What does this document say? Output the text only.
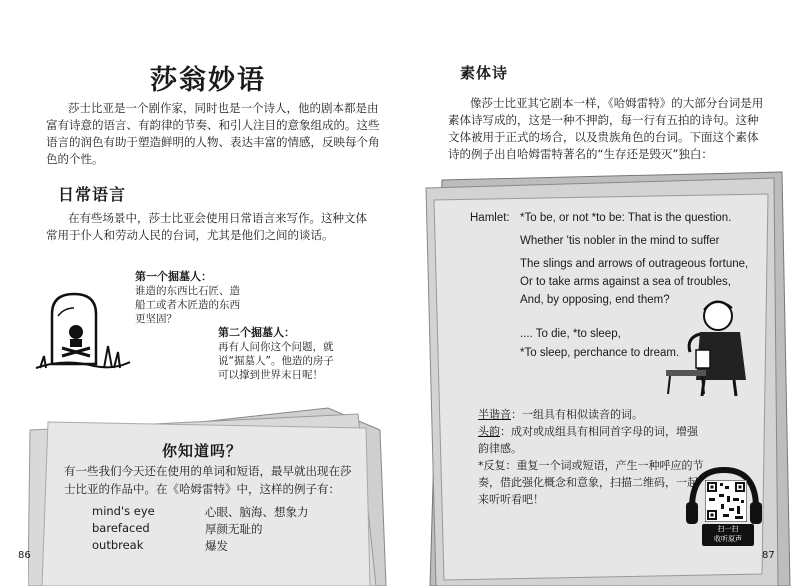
莎翁妙语
莎士比亚是一个剧作家，同时也是一个诗人，他的剧本都是由富有诗意的语言、有韵律的节奏、和引人注目的意象组成的。这些语言的润色有助于塑造鲜明的人物、表达丰富的情感，反映每个角色的个性。
日常语言
在有些场景中，莎士比亚会使用日常语言来写作。这种文体常用于仆人和劳动人民的台词，尤其是他们之间的谈话。
第一个掘墓人：
谁造的东西比石匠、造船工或者木匠造的东西更坚固？
第二个掘墓人：
再有人问你这个问题，就说“掘墓人”。他造的房子可以撑到世界末日呢！
你知道吗？
有一些我们今天还在使用的单词和短语，最早就出现在莎士比亚的作品中。在《哈姆雷特》中，这样的例子有：
mind's eye	心眼、脑海、想象力
barefaced	厚颜无耻的
outbreak	爆发
86
素体诗
像莎士比亚其它剧本一样，《哈姆雷特》的大部分台词是用素体诗写成的，这是一种不押韵，每一行有五拍的诗句。这种文体被用于正式的场合，以及贵族角色的台词。下面这个素体诗的例子出自哈姆雷特著名的“生存还是毁灭”独白：
Hamlet: *To be, or not *to be: That is the question.
Whether 'tis nobler in the mind to suffer
The slings and arrows of outrageous fortune,
Or to take arms against a sea of troubles,
And, by opposing, end them?
.... To die, *to sleep,
*To sleep, perchance to dream.
半谐音：一组具有相似读音的词。
头韵：成对或成组具有相同首字母的词，增强韵律感。
*反复：重复一个词或短语，产生一种呼应的节奏，借此强化概念和意象，扫描二维码，一起来听听看吧！
扫一扫
收听原声
87
